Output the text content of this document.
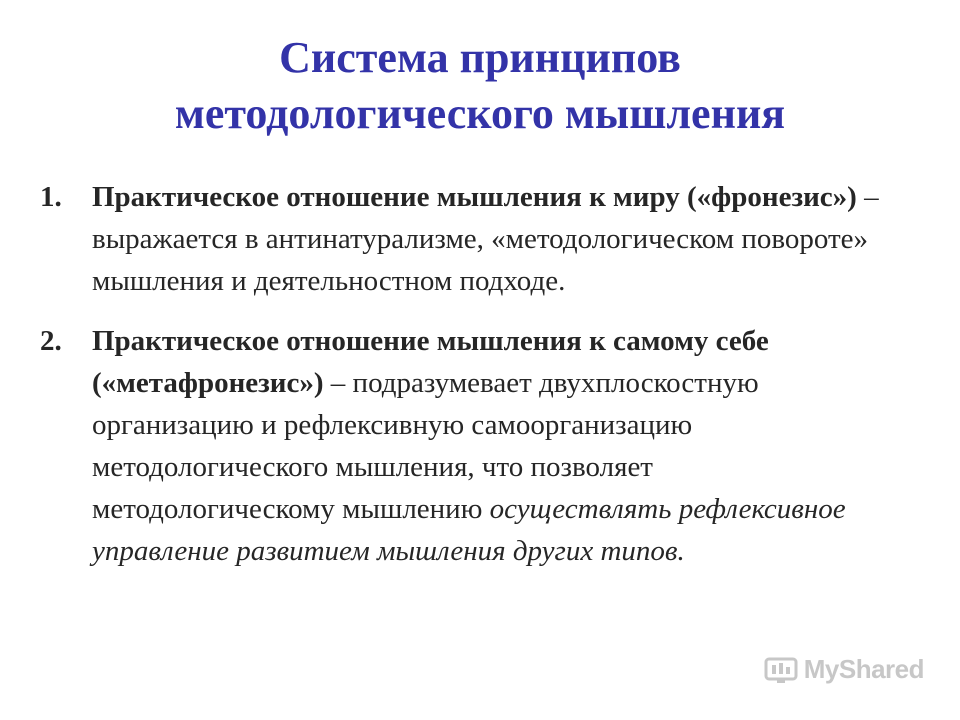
Система принципов
методологического мышления
1. Практическое отношение мышления к миру («фронезис») – выражается в антинатурализме, «методологическом повороте» мышления и деятельностном подходе.
2. Практическое отношение мышления к самому себе («метафронезис») – подразумевает двухплоскостную организацию и рефлексивную самоорганизацию методологического мышления, что позволяет методологическому мышлению осуществлять рефлексивное управление развитием мышления других типов.
MyShared
